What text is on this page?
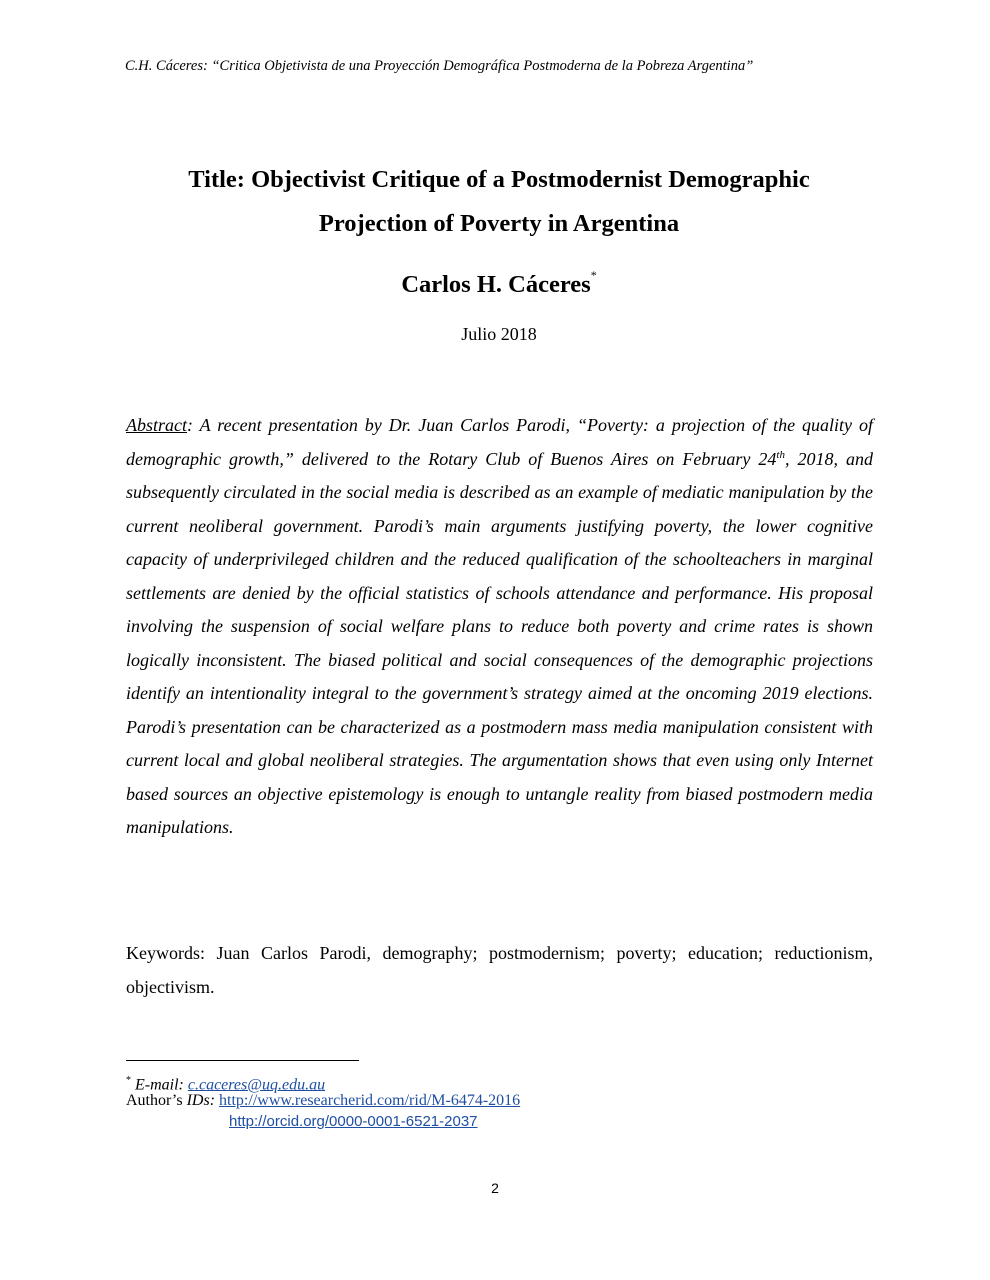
C.H. Cáceres: “Critica Objetivista de una Proyección Demográfica Postmoderna de la Pobreza Argentina”
Title: Objectivist Critique of a Postmodernist Demographic
Projection of Poverty in Argentina
Carlos H. Cáceres*
Julio 2018

Abstract: A recent presentation by Dr. Juan Carlos Parodi, “Poverty: a projection of the quality of demographic growth,” delivered to the Rotary Club of Buenos Aires on February 24th, 2018, and subsequently circulated in the social media is described as an example of mediatic manipulation by the current neoliberal government. Parodi’s main arguments justifying poverty, the lower cognitive capacity of underprivileged children and the reduced qualification of the schoolteachers in marginal settlements are denied by the official statistics of schools attendance and performance. His proposal involving the suspension of social welfare plans to reduce both poverty and crime rates is shown logically inconsistent. The biased political and social consequences of the demographic projections identify an intentionality integral to the government’s strategy aimed at the oncoming 2019 elections. Parodi’s presentation can be characterized as a postmodern mass media manipulation consistent with current local and global neoliberal strategies. The argumentation shows that even using only Internet based sources an objective epistemology is enough to untangle reality from biased postmodern media manipulations.

Keywords: Juan Carlos Parodi, demography; postmodernism; poverty; education; reductionism, objectivism.

* E-mail: c.caceres@uq.edu.au
Author’s IDs: http://www.researcherid.com/rid/M-6474-2016
http://orcid.org/0000-0001-6521-2037
2
